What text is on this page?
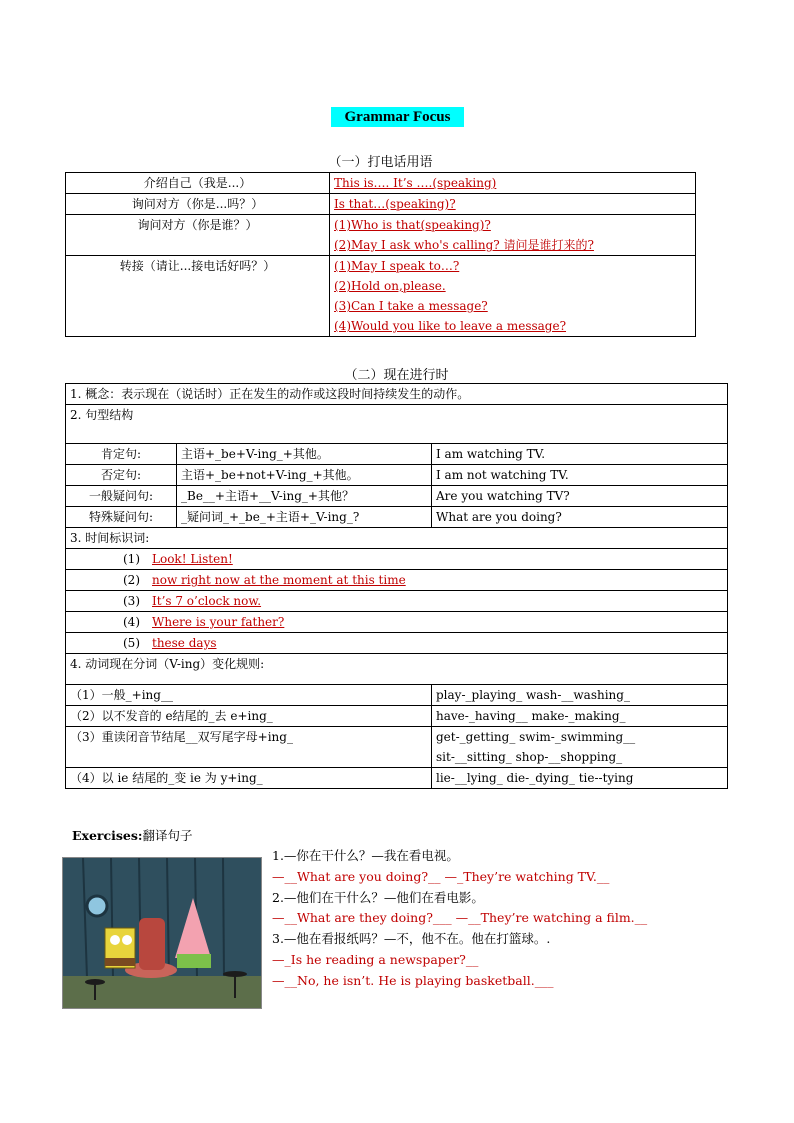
Grammar Focus
（一）打电话用语
介绍自己（我是...）	This is…. It’s ….(speaking)

询问对方（你是...吗？）	Is that…(speaking)?

询问对方（你是谁？）	(1)Who is that(speaking)?
(2)May I ask who's calling? 请问是谁打来的?

转接（请让...接电话好吗？）	(1)May I speak to…?
(2)Hold on,please.
(3)Can I take a message?
(4)Would you like to leave a message?
（二）现在进行时
1. 概念：表示现在（说话时）正在发生的动作或这段时间持续发生的动作。		
2. 句型结构		
肯定句:	主语+_be+V-ing_+其他。	I am watching TV.
否定句:	主语+_be+not+V-ing_+其他。	I am not watching TV.
一般疑问句:	_Be__+主语+__V-ing_+其他？	Are you watching TV?
特殊疑问句:	_疑问词_+_be_+主语+_V-ing_?	What are you doing?
3. 时间标识词:		
(1) Look! Listen!		
(2) now right now at the moment at this time		
(3) It’s 7 o’clock now.		
(4) Where is your father?		
(5) these days		
4. 动词现在分词（V-ing）变化规则:		
（1）一般_+ing__		play-_playing_ wash-__washing_

（2）以不发音的 e结尾的_去 e+ing_		have-_having__ make-_making_

（3）重读闭音节结尾__双写尾字母+ing_		get-_getting_ swim-_swimming__
sit-__sitting_ shop-__shopping_

（4）以 ie 结尾的_变 ie 为 y+ing_		lie-__lying_ die-_dying_ tie--tying
Exercises:翻译句子
1.—你在干什么？—我在看电视。
—__What are you doing?__ —_They’re watching TV.__
2.—他们在干什么？—他们在看电影。
—__What are they doing?___ —__They’re watching a film.__
3.—他在看报纸吗？—不，他不在。他在打篮球。.
—_Is he reading a newspaper?__
—__No, he isn’t. He is playing basketball.___
